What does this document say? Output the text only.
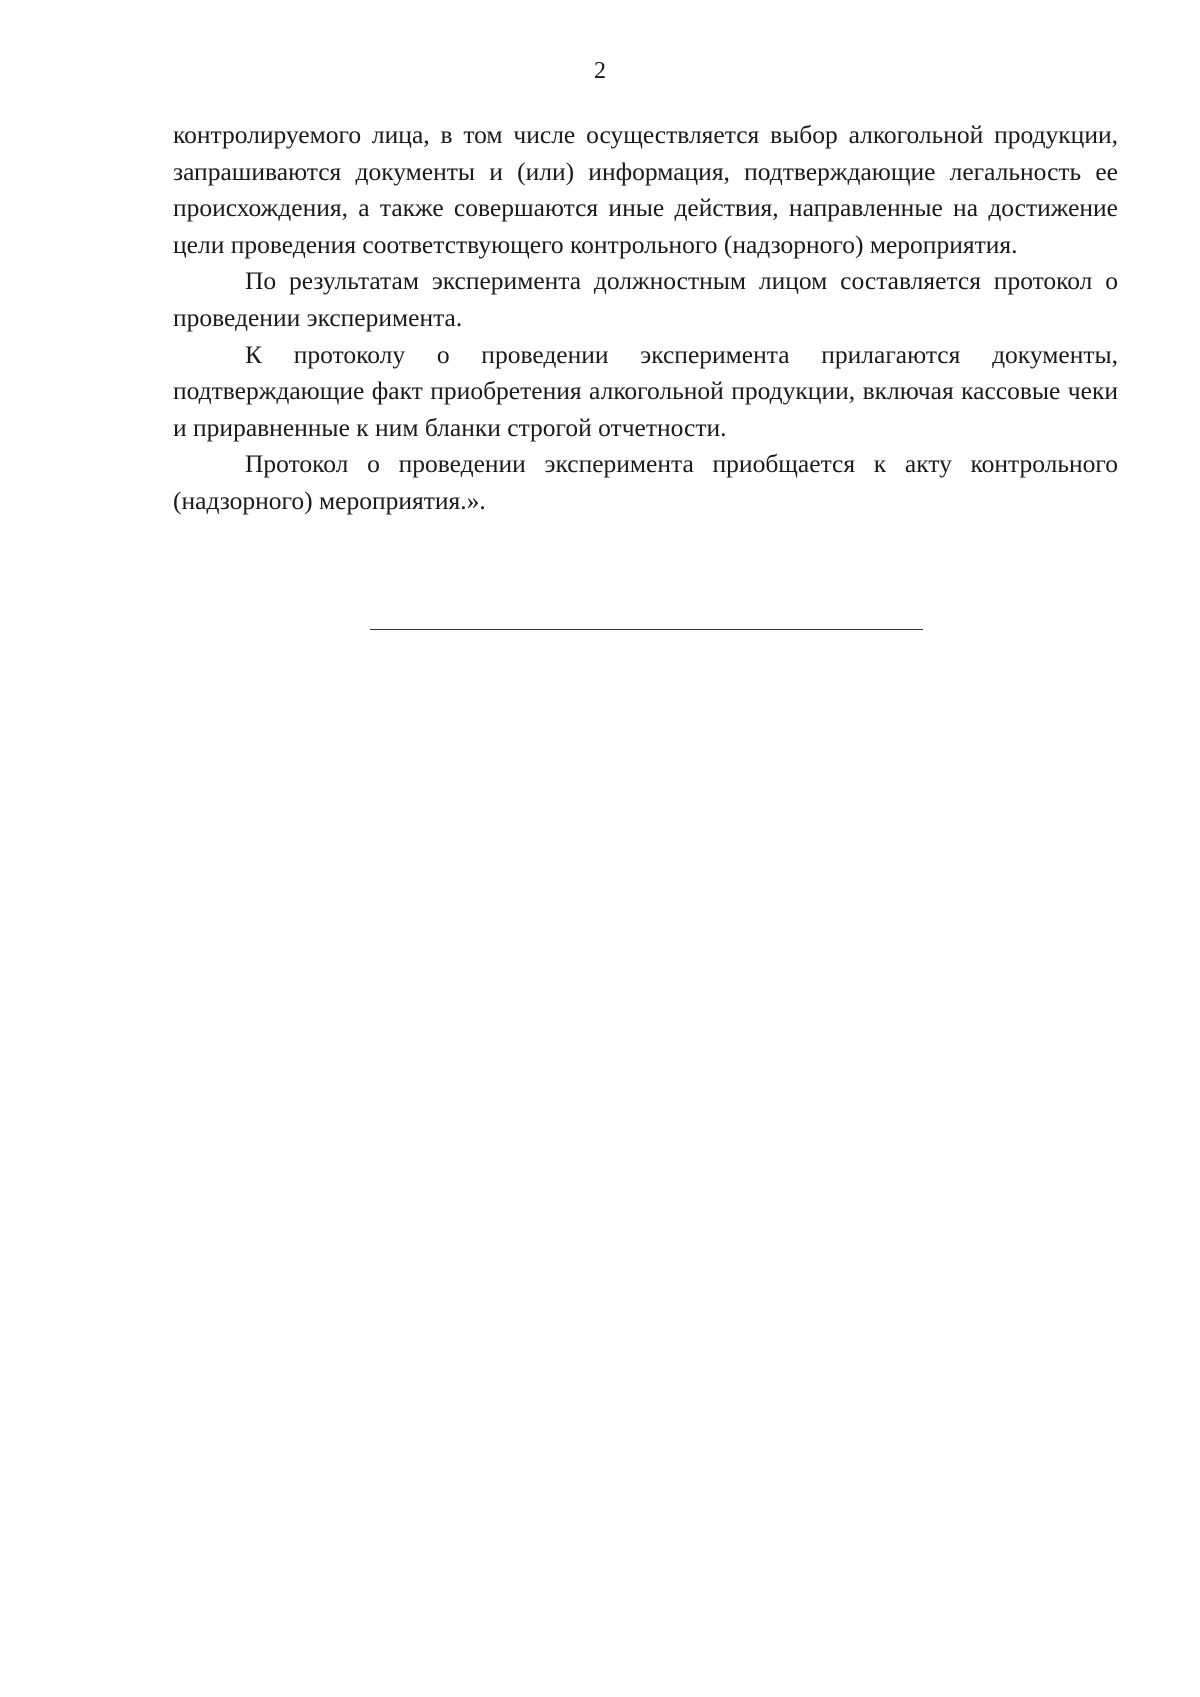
2

контролируемого лица, в том числе осуществляется выбор алкогольной продукции, запрашиваются документы и (или) информация, подтверждающие легальность ее происхождения, а также совершаются иные действия, направленные на достижение цели проведения соответствующего контрольного (надзорного) мероприятия.

По результатам эксперимента должностным лицом составляется протокол о проведении эксперимента.

К протоколу о проведении эксперимента прилагаются документы, подтверждающие факт приобретения алкогольной продукции, включая кассовые чеки и приравненные к ним бланки строгой отчетности.

Протокол о проведении эксперимента приобщается к акту контрольного (надзорного) мероприятия.».
